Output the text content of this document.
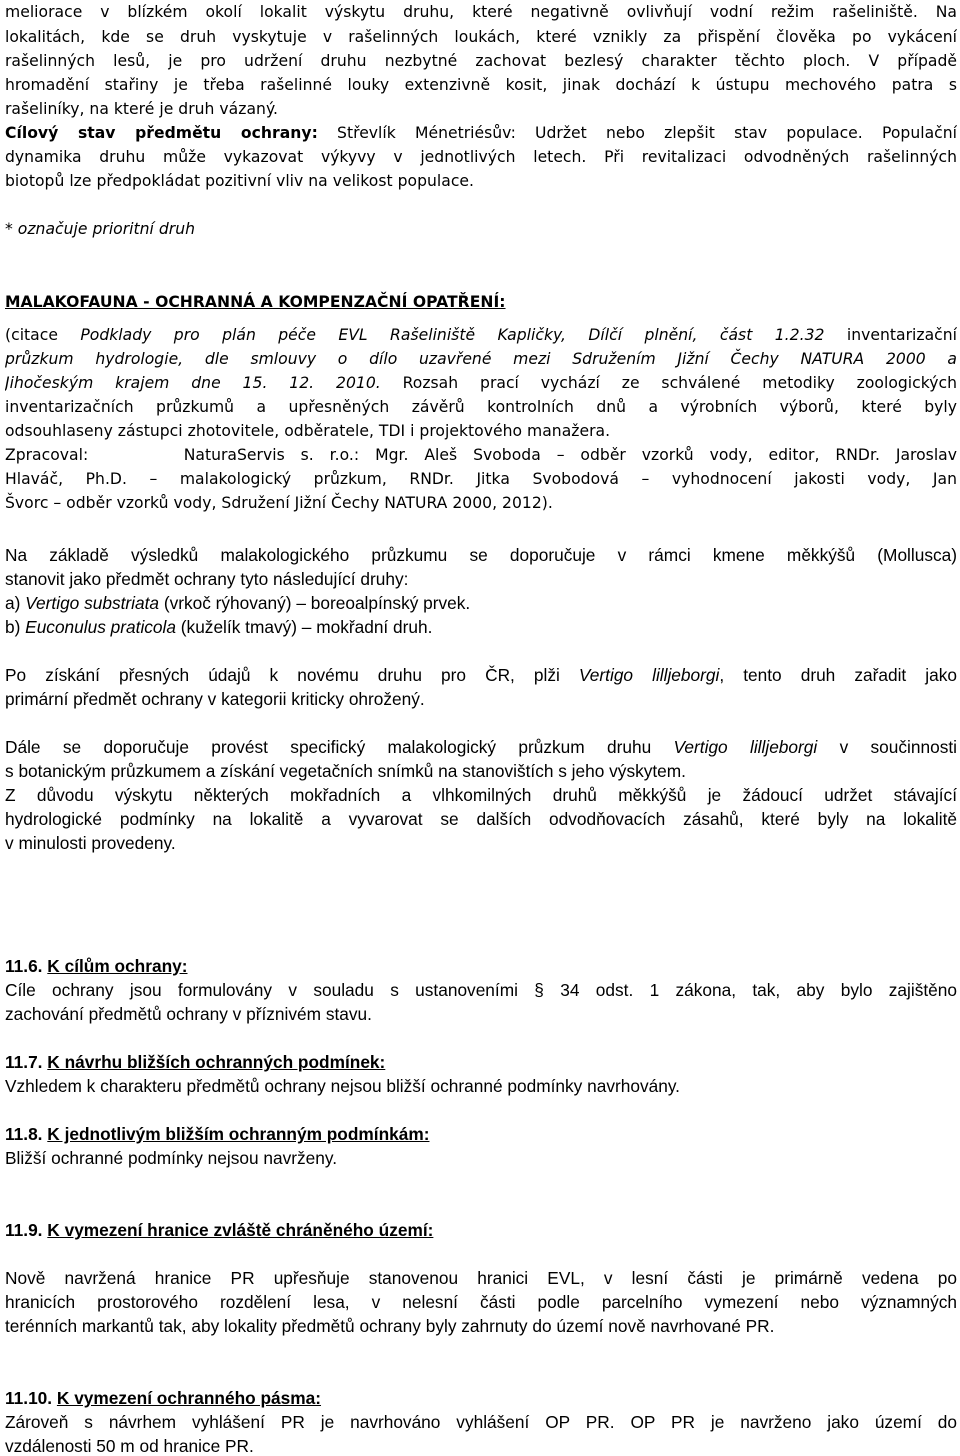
meliorace v blízkém okolí lokalit výskytu druhu, které negativně ovlivňují vodní režim rašeliniště. Na
lokalitách, kde se druh vyskytuje v rašelinných loukách, které vznikly za přispění člověka po vykácení
rašelinných lesů, je pro udržení druhu nezbytné zachovat bezlesý charakter těchto ploch. V případě
hromadění stařiny je třeba rašelinné louky extenzivně kosit, jinak dochází k ústupu mechového patra s
rašeliníky, na které je druh vázaný.
Cílový stav předmětu ochrany: Střevlík Ménetriésův: Udržet nebo zlepšit stav populace. Populační
dynamika druhu může vykazovat výkyvy v jednotlivých letech. Při revitalizaci odvodněných rašelinných
biotopů lze předpokládat pozitivní vliv na velikost populace.
* označuje prioritní druh
MALAKOFAUNA - OCHRANNÁ A KOMPENZAČNÍ OPATŘENÍ:
(citace Podklady pro plán péče EVL Rašeliniště Kapličky, Dílčí plnění, část 1.2.32 inventarizační
průzkum hydrologie, dle smlouvy o dílo uzavřené mezi Sdružením Jižní Čechy NATURA 2000 a
Jihočeským krajem dne 15. 12. 2010. Rozsah prací vychází ze schválené metodiky zoologických
inventarizačních průzkumů a upřesněných závěrů kontrolních dnů a výrobních výborů, které byly
odsouhlaseny zástupci zhotovitele, odběratele, TDI i projektového manažera.
Zpracoval:      NaturaServis s. r.o.: Mgr. Aleš Svoboda – odběr vzorků vody, editor, RNDr. Jaroslav
Hlaváč, Ph.D. – malakologický průzkum, RNDr. Jitka Svobodová – vyhodnocení jakosti vody, Jan
Švorc – odběr vzorků vody, Sdružení Jižní Čechy NATURA 2000, 2012).
Na základě výsledků malakologického průzkumu se doporučuje v rámci kmene měkkýšů (Mollusca)
stanovit jako předmět ochrany tyto následující druhy:
a) Vertigo substriata (vrkoč rýhovaný) – boreoalpínský prvek.
b) Euconulus praticola (kuželík tmavý) – mokřadní druh.
Po získání přesných údajů k novému druhu pro ČR, plži Vertigo lilljeborgi, tento druh zařadit jako
primární předmět ochrany v kategorii kriticky ohrožený.
Dále se doporučuje provést specifický malakologický průzkum druhu Vertigo lilljeborgi v součinnosti
s botanickým průzkumem a získání vegetačních snímků na stanovištích s jeho výskytem.
Z důvodu výskytu některých mokřadních a vlhkomilných druhů měkkýšů je žádoucí udržet stávající
hydrologické podmínky na lokalitě a vyvarovat se dalších odvodňovacích zásahů, které byly na lokalitě
v minulosti provedeny.
11.6. K cílům ochrany:
Cíle ochrany jsou formulovány v souladu s ustanoveními § 34 odst. 1 zákona, tak, aby bylo zajištěno
zachování předmětů ochrany v příznivém stavu.
11.7. K návrhu bližších ochranných podmínek:
Vzhledem k charakteru předmětů ochrany nejsou bližší ochranné podmínky navrhovány.
11.8. K jednotlivým bližším ochranným podmínkám:
Bližší ochranné podmínky nejsou navrženy.
11.9. K vymezení hranice zvláště chráněného území:
Nově navržená hranice PR upřesňuje stanovenou hranici EVL, v lesní části je primárně vedena po
hranicích prostorového rozdělení lesa, v nelesní části podle parcelního vymezení nebo významných
terénních markantů tak, aby lokality předmětů ochrany byly zahrnuty do území nově navrhované PR.
11.10. K vymezení ochranného pásma:
Zároveň s návrhem vyhlášení PR je navrhováno vyhlášení OP PR. OP PR je navrženo jako území do
vzdálenosti 50 m od hranice PR.
